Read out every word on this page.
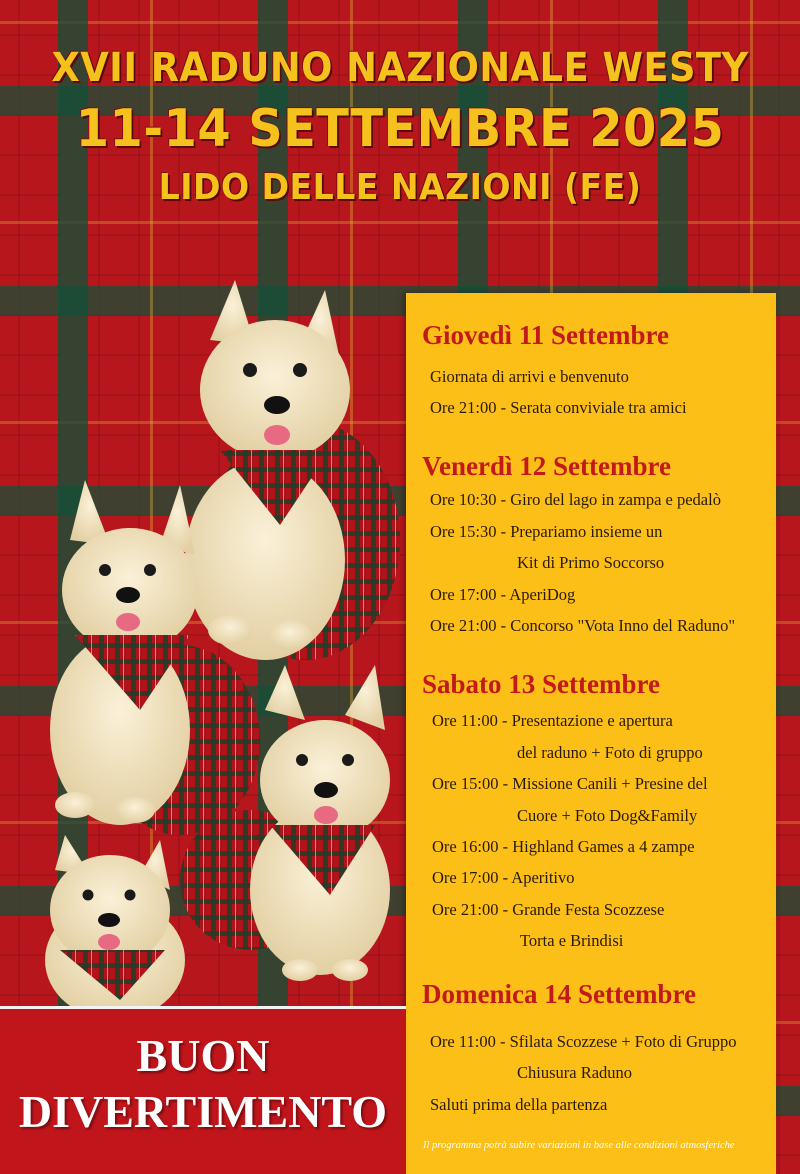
XVII RADUNO NAZIONALE WESTY
11-14 SETTEMBRE 2025
LIDO DELLE NAZIONI (FE)
Giovedì 11 Settembre
Giornata di arrivi e benvenuto
Ore 21:00 - Serata conviviale tra amici
Venerdì 12 Settembre
Ore 10:30 - Giro del lago in zampa e pedalò
Ore 15:30 - Prepariamo insieme un
Kit di Primo Soccorso
Ore 17:00 - AperiDog
Ore 21:00 - Concorso "Vota Inno del Raduno"
Sabato 13 Settembre
Ore 11:00 - Presentazione e apertura
del raduno + Foto di gruppo
Ore 15:00 - Missione Canili + Presine del
Cuore + Foto Dog&Family
Ore 16:00 - Highland Games a 4 zampe
Ore 17:00 - Aperitivo
Ore 21:00 - Grande Festa Scozzese
Torta e Brindisi
Domenica 14 Settembre
Ore 11:00 - Sfilata Scozzese + Foto di Gruppo
Chiusura Raduno
Saluti prima della partenza
Il programma potrà subire variazioni in base alle condizioni atmosferiche
BUON
DIVERTIMENTO
